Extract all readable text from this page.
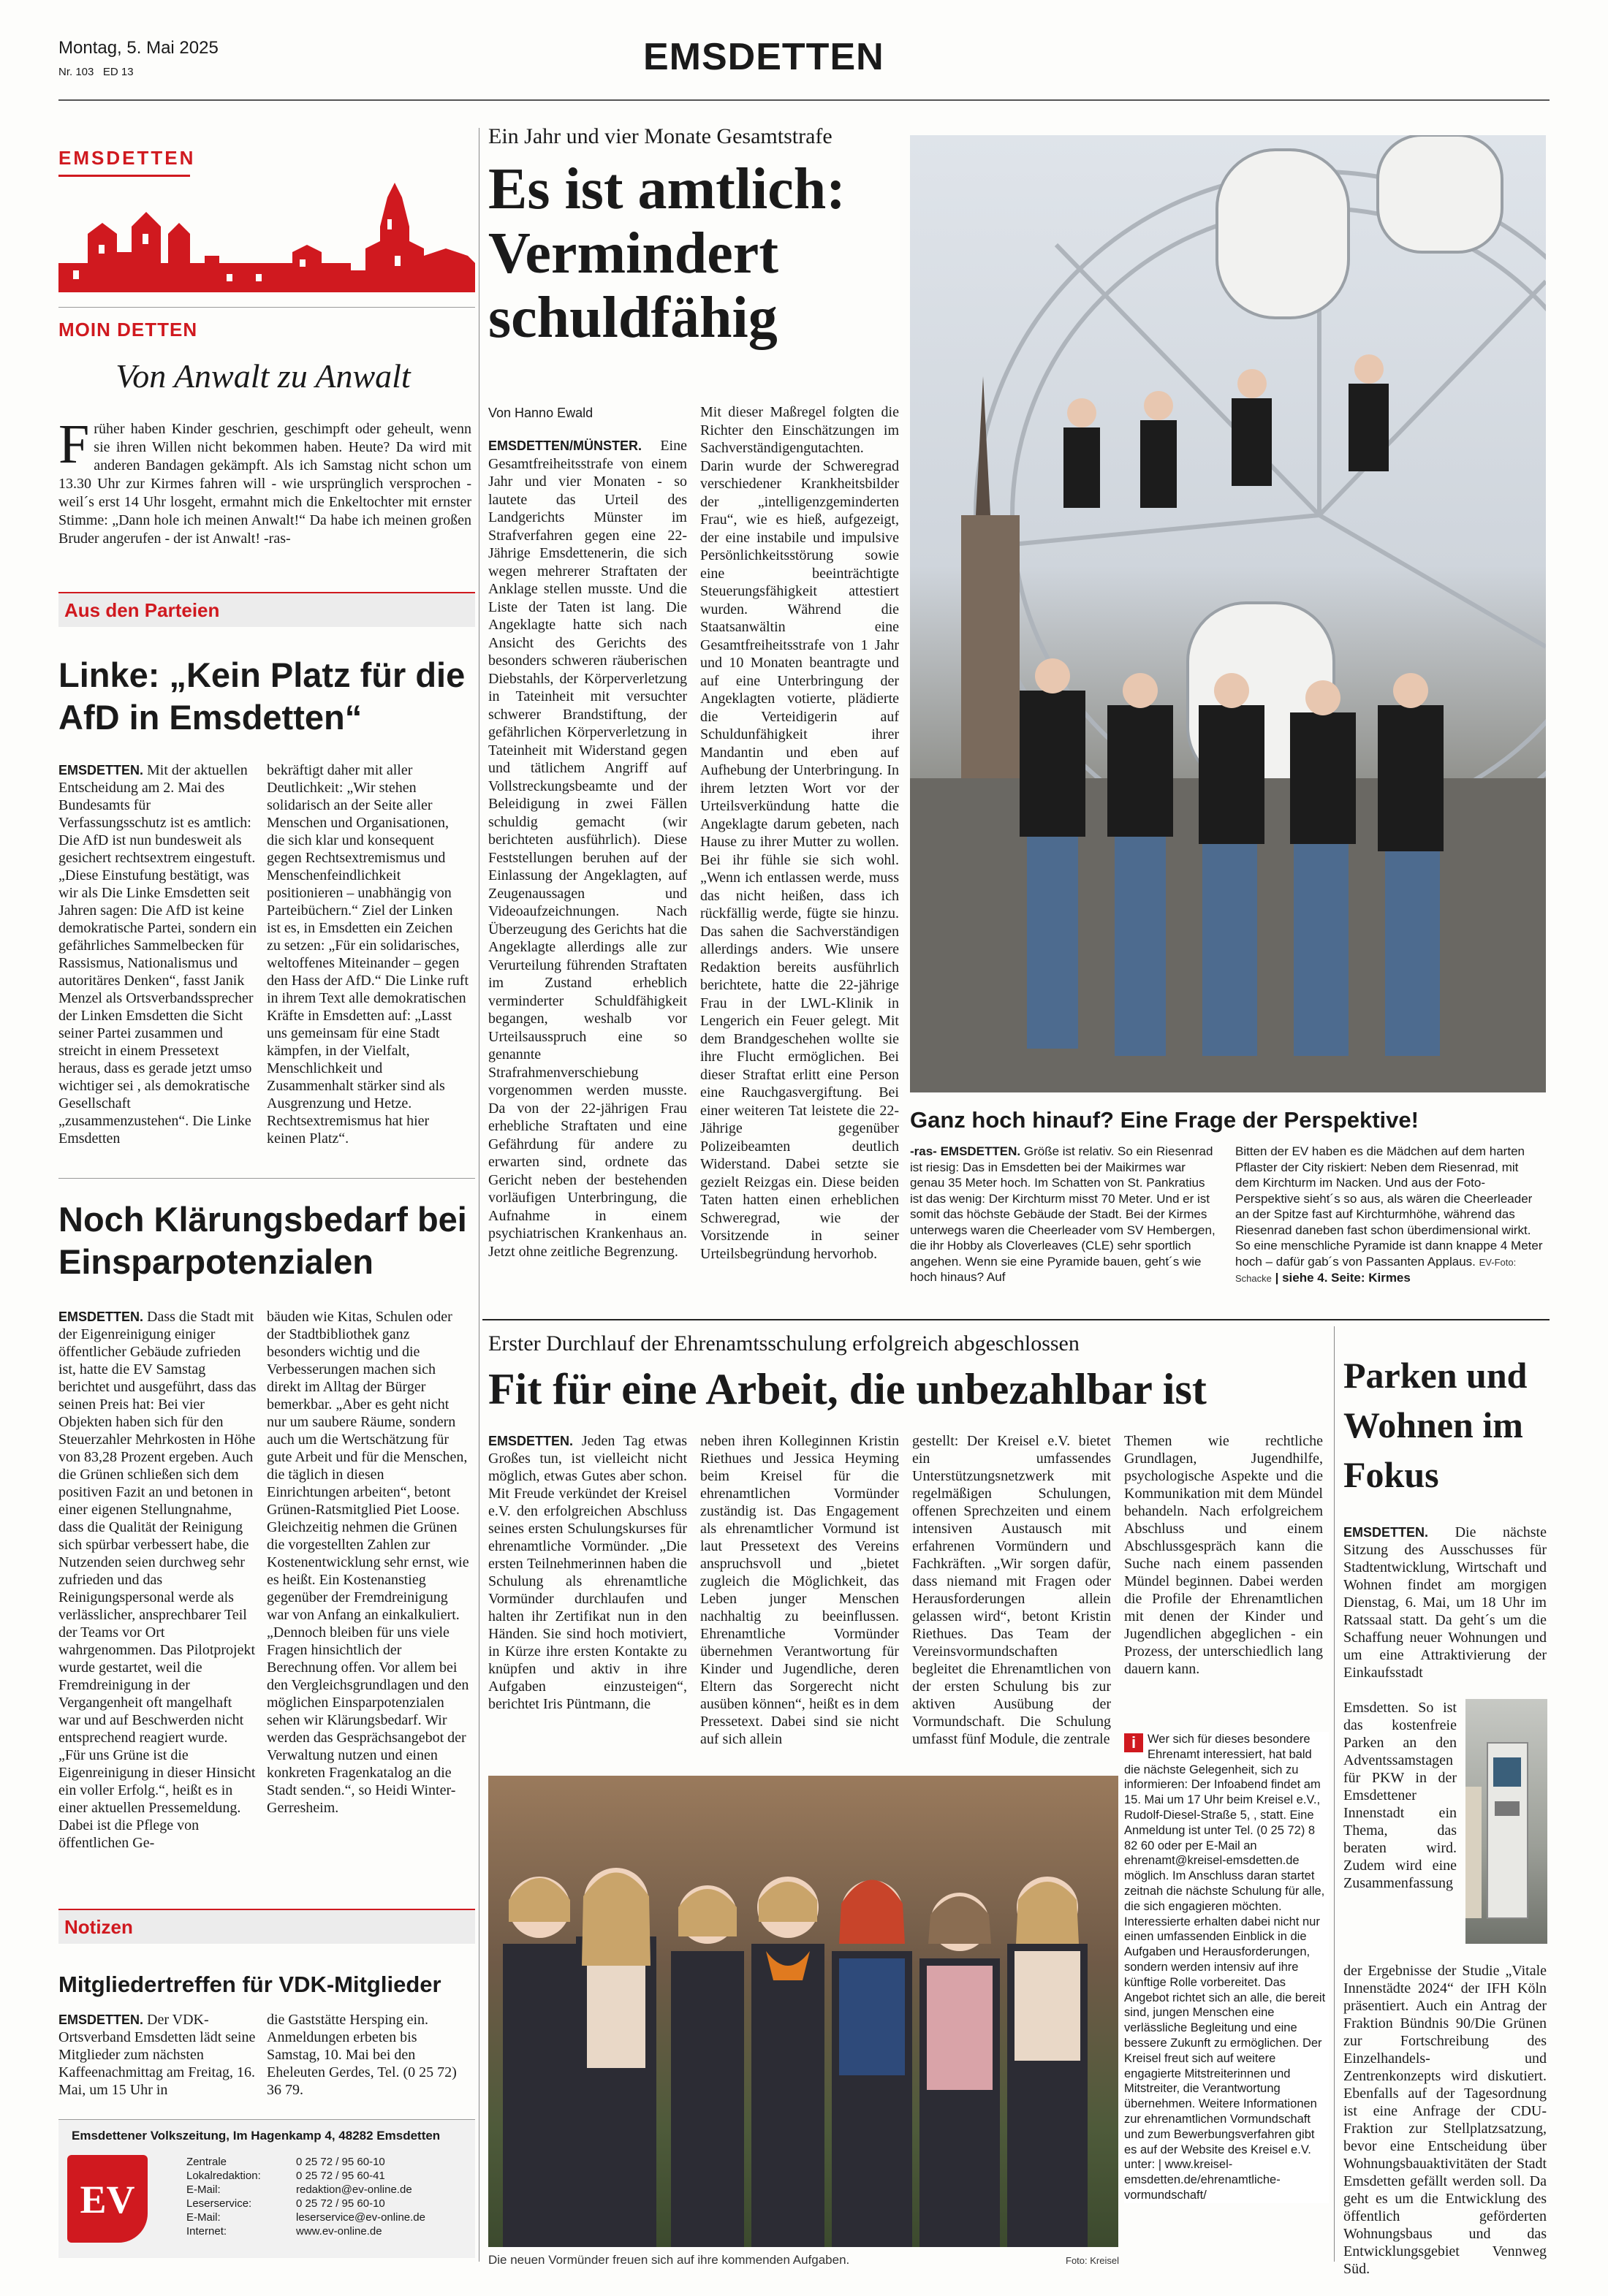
Montag, 5. Mai 2025
Nr. 103 ED 13	EMSDETTEN
EMSDETTEN
MOIN DETTEN
Von Anwalt zu Anwalt
Früher haben Kinder geschrien, geschimpft oder geheult, wenn sie ihren Willen nicht bekommen haben. Heute? Da wird mit anderen Bandagen gekämpft. Als ich Samstag nicht schon um 13.30 Uhr zur Kirmes fahren will - wie ursprünglich versprochen - weil´s erst 14 Uhr losgeht, ermahnt mich die Enkeltochter mit ernster Stimme: „Dann hole ich meinen Anwalt!“ Da habe ich meinen großen Bruder angerufen - der ist Anwalt! -ras-
Aus den Parteien
Linke: „Kein Platz für die AfD in Emsdetten“
EMSDETTEN. Mit der aktuellen Entscheidung am 2. Mai des Bundesamts für Verfassungsschutz ist es amtlich: Die AfD ist nun bundesweit als gesichert rechtsextrem eingestuft. „Diese Einstufung bestätigt, was wir als Die Linke Emsdetten seit Jahren sagen: Die AfD ist keine demokratische Partei, sondern ein gefährliches Sammelbecken für Rassismus, Nationalismus und autoritäres Denken“, fasst Janik Menzel als Ortsverbandssprecher der Linken Emsdetten die Sicht seiner Partei zusammen und streicht in einem Pressetext heraus, dass es gerade jetzt umso wichtiger sei , als demokratische Gesellschaft „zusammenzustehen“. Die Linke Emsdetten
bekräftigt daher mit aller Deutlichkeit: „Wir stehen solidarisch an der Seite aller Menschen und Organisationen, die sich klar und konsequent gegen Rechtsextremismus und Menschenfeindlichkeit positionieren – unabhängig von Parteibüchern.“ Ziel der Linken ist es, in Emsdetten ein Zeichen zu setzen: „Für ein solidarisches, weltoffenes Miteinander – gegen den Hass der AfD.“ Die Linke ruft in ihrem Text alle demokratischen Kräfte in Emsdetten auf: „Lasst uns gemeinsam für eine Stadt kämpfen, in der Vielfalt, Menschlichkeit und Zusammenhalt stärker sind als Ausgrenzung und Hetze. Rechtsextremismus hat hier keinen Platz“.
Noch Klärungsbedarf bei Einsparpotenzialen
EMSDETTEN. Dass die Stadt mit der Eigenreinigung einiger öffentlicher Gebäude zufrieden ist, hatte die EV Samstag berichtet und ausgeführt, dass das seinen Preis hat: Bei vier Objekten haben sich für den Steuerzahler Mehrkosten in Höhe von 83,28 Prozent ergeben. Auch die Grünen schließen sich dem positiven Fazit an und betonen in einer eigenen Stellungnahme, dass die Qualität der Reinigung sich spürbar verbessert habe, die Nutzenden seien durchweg sehr zufrieden und das Reinigungspersonal werde als verlässlicher, ansprechbarer Teil der Teams vor Ort wahrgenommen. Das Pilotprojekt wurde gestartet, weil die Fremdreinigung in der Vergangenheit oft mangelhaft war und auf Beschwerden nicht entsprechend reagiert wurde. „Für uns Grüne ist die Eigenreinigung in dieser Hinsicht ein voller Erfolg.“, heißt es in einer aktuellen Pressemeldung. Dabei ist die Pflege von öffentlichen Ge-
bäuden wie Kitas, Schulen oder der Stadtbibliothek ganz besonders wichtig und die Verbesserungen machen sich direkt im Alltag der Bürger bemerkbar. „Aber es geht nicht nur um saubere Räume, sondern auch um die Wertschätzung für gute Arbeit und für die Menschen, die täglich in diesen Einrichtungen arbeiten“, betont Grünen-Ratsmitglied Piet Loose. Gleichzeitig nehmen die Grünen die vorgestellten Zahlen zur Kostenentwicklung sehr ernst, wie es heißt. Ein Kostenanstieg gegenüber der Fremdreinigung war von Anfang an einkalkuliert. „Dennoch bleiben für uns viele Fragen hinsichtlich der Berechnung offen. Vor allem bei den Vergleichsgrundlagen und den möglichen Einsparpotenzialen sehen wir Klärungsbedarf. Wir werden das Gesprächsangebot der Verwaltung nutzen und einen konkreten Fragenkatalog an die Stadt senden.“, so Heidi Winter-Gerresheim.
Notizen
Mitgliedertreffen für VDK-Mitglieder
EMSDETTEN. Der VDK-Ortsverband Emsdetten lädt seine Mitglieder zum nächsten Kaffeenachmittag am Freitag, 16. Mai, um 15 Uhr in
die Gaststätte Hersping ein. Anmeldungen erbeten bis Samstag, 10. Mai bei den Eheleuten Gerdes, Tel. (0 25 72) 36 79.
Emsdettener Volkszeitung, Im Hagenkamp 4, 48282 Emsdetten
EV
Zentrale	0 25 72 / 95 60-10
Lokalredaktion:	0 25 72 / 95 60-41
E-Mail:	redaktion@ev-online.de
Leserservice:	0 25 72 / 95 60-10
E-Mail:	leserservice@ev-online.de
Internet:	www.ev-online.de
Ein Jahr und vier Monate Gesamtstrafe
Es ist amtlich: Vermindert schuldfähig
Von Hanno Ewald
EMSDETTEN/MÜNSTER. Eine Gesamtfreiheitsstrafe von einem Jahr und vier Monaten - so lautete das Urteil des Landgerichts Münster im Strafverfahren gegen eine 22-Jährige Emsdettenerin, die sich wegen mehrerer Straftaten der Anklage stellen musste. Und die Liste der Taten ist lang. Die Angeklagte hatte sich nach Ansicht des Gerichts des besonders schweren räuberischen Diebstahls, der Körperverletzung in Tateinheit mit versuchter schwerer Brandstiftung, der gefährlichen Körperverletzung in Tateinheit mit Widerstand gegen und tätlichem Angriff auf Vollstreckungsbeamte und der Beleidigung in zwei Fällen schuldig gemacht (wir berichteten ausführlich). Diese Feststellungen beruhen auf der Einlassung der Angeklagten, auf Zeugenaussagen und Videoaufzeichnungen. Nach Überzeugung des Gerichts hat die Angeklagte allerdings alle zur Verurteilung führenden Straftaten im Zustand erheblich verminderter Schuldfähigkeit begangen, weshalb vor Urteilsausspruch eine so genannte Strafrahmenverschiebung vorgenommen werden musste. Da von der 22-jährigen Frau erhebliche Straftaten und eine Gefährdung für andere zu erwarten sind, ordnete das Gericht neben der bestehenden vorläufigen Unterbringung, die Aufnahme in einem psychiatrischen Krankenhaus an. Jetzt ohne zeitliche Begrenzung.
Mit dieser Maßregel folgten die Richter den Einschätzungen im Sachverständigengutachten. Darin wurde der Schweregrad verschiedener Krankheitsbilder der „intelligenzgeminderten Frau“, wie es hieß, aufgezeigt, der eine instabile und impulsive Persönlichkeitsstörung sowie eine beeinträchtigte Steuerungsfähigkeit attestiert wurden. Während die Staatsanwältin eine Gesamtfreiheitsstrafe von 1 Jahr und 10 Monaten beantragte und auf eine Unterbringung der Angeklagten votierte, plädierte die Verteidigerin auf Schuldunfähigkeit ihrer Mandantin und eben auf Aufhebung der Unterbringung. In ihrem letzten Wort vor der Urteilsverkündung hatte die Angeklagte darum gebeten, nach Hause zu ihrer Mutter zu wollen. Bei ihr fühle sie sich wohl. „Wenn ich entlassen werde, muss das nicht heißen, dass ich rückfällig werde, fügte sie hinzu. Das sahen die Sachverständigen allerdings anders. Wie unsere Redaktion bereits ausführlich berichtete, hatte die 22-jährige Frau in der LWL-Klinik in Lengerich ein Feuer gelegt. Mit dem Brandgeschehen wollte sie ihre Flucht ermöglichen. Bei dieser Straftat erlitt eine Person eine Rauchgasvergiftung. Bei einer weiteren Tat leistete die 22-Jährige gegenüber Polizeibeamten deutlich Widerstand. Dabei setzte sie gezielt Reizgas ein. Diese beiden Taten hatten einen erheblichen Schweregrad, wie der Vorsitzende in seiner Urteilsbegründung hervorhob.
Ganz hoch hinauf? Eine Frage der Perspektive!
-ras- EMSDETTEN. Größe ist relativ. So ein Riesenrad ist riesig: Das in Emsdetten bei der Maikirmes war genau 35 Meter hoch. Im Schatten von St. Pankratius ist das wenig: Der Kirchturm misst 70 Meter. Und er ist somit das höchste Gebäude der Stadt. Bei der Kirmes unterwegs waren die Cheerleader vom SV Hembergen, die ihr Hobby als Cloverleaves (CLE) sehr sportlich angehen. Wenn sie eine Pyramide bauen, geht´s wie hoch hinaus? Auf
Bitten der EV haben es die Mädchen auf dem harten Pflaster der City riskiert: Neben dem Riesenrad, mit dem Kirchturm im Nacken. Und aus der Foto-Perspektive sieht´s so aus, als wären die Cheerleader an der Spitze fast auf Kirchturmhöhe, während das Riesenrad daneben fast schon überdimensional wirkt. So eine menschliche Pyramide ist dann knappe 4 Meter hoch – dafür gab´s von Passanten Applaus. EV-Foto: Schacke | siehe 4. Seite: Kirmes
Erster Durchlauf der Ehrenamtsschulung erfolgreich abgeschlossen
Fit für eine Arbeit, die unbezahlbar ist
EMSDETTEN. Jeden Tag etwas Großes tun, ist vielleicht nicht möglich, etwas Gutes aber schon. Mit Freude verkündet der Kreisel e.V. den erfolgreichen Abschluss seines ersten Schulungskurses für ehrenamtliche Vormünder. „Die ersten Teilnehmerinnen haben die Schulung als ehrenamtliche Vormünder durchlaufen und halten ihr Zertifikat nun in den Händen. Sie sind hoch motiviert, in Kürze ihre ersten Kontakte zu knüpfen und aktiv in ihre Aufgaben einzusteigen“, berichtet Iris Püntmann, die
neben ihren Kolleginnen Kristin Riethues und Jessica Heyming beim Kreisel für die ehrenamtlichen Vormünder zuständig ist. Das Engagement als ehrenamtlicher Vormund ist laut Pressetext des Vereins anspruchsvoll und „bietet zugleich die Möglichkeit, das Leben junger Menschen nachhaltig zu beeinflussen. Ehrenamtliche Vormünder übernehmen Verantwortung für Kinder und Jugendliche, deren Eltern das Sorgerecht nicht ausüben können“, heißt es in dem Pressetext. Dabei sind sie nicht auf sich allein
gestellt: Der Kreisel e.V. bietet ein umfassendes Unterstützungsnetzwerk mit regelmäßigen Schulungen, offenen Sprechzeiten und einem intensiven Austausch mit erfahrenen Vormündern und Fachkräften. „Wir sorgen dafür, dass niemand mit Fragen oder Herausforderungen allein gelassen wird“, betont Kristin Riethues. Das Team der Vereinsvormundschaften begleitet die Ehrenamtlichen von der ersten Schulung bis zur aktiven Ausübung der Vormundschaft. Die Schulung umfasst fünf Module, die zentrale
Themen wie rechtliche Grundlagen, Jugendhilfe, psychologische Aspekte und die Kommunikation mit dem Mündel behandeln. Nach erfolgreichem Abschluss und einem Abschlussgespräch kann die Suche nach einem passenden Mündel beginnen. Dabei werden die Profile der Ehrenamtlichen mit denen der Kinder und Jugendlichen abgeglichen - ein Prozess, der unterschiedlich lang dauern kann.
Die neuen Vormünder freuen sich auf ihre kommenden Aufgaben.	Foto: Kreisel
i Wer sich für dieses besondere Ehrenamt interessiert, hat bald die nächste Gelegenheit, sich zu informieren: Der Infoabend findet am 15. Mai um 17 Uhr beim Kreisel e.V., Rudolf-Diesel-Straße 5, , statt. Eine Anmeldung ist unter Tel. (0 25 72) 8 82 60 oder per E-Mail an ehrenamt@kreisel-emsdetten.de möglich. Im Anschluss daran startet zeitnah die nächste Schulung für alle, die sich engagieren möchten. Interessierte erhalten dabei nicht nur einen umfassenden Einblick in die Aufgaben und Herausforderungen, sondern werden intensiv auf ihre künftige Rolle vorbereitet. Das Angebot richtet sich an alle, die bereit sind, jungen Menschen eine verlässliche Begleitung und eine bessere Zukunft zu ermöglichen. Der Kreisel freut sich auf weitere engagierte Mitstreiterinnen und Mitstreiter, die Verantwortung übernehmen. Weitere Informationen zur ehrenamtlichen Vormundschaft und zum Bewerbungsverfahren gibt es auf der Website des Kreisel e.V. unter: | www.kreisel-emsdetten.de/ehrenamtliche-vormundschaft/
Parken und Wohnen im Fokus
EMSDETTEN. Die nächste Sitzung des Ausschusses für Stadtentwicklung, Wirtschaft und Wohnen findet am morgigen Dienstag, 6. Mai, um 18 Uhr im Ratssaal statt. Da geht´s um die Schaffung neuer Wohnungen und um eine Attraktivierung der Einkaufsstadt
Emsdetten. So ist das kostenfreie Parken an den Adventssamstagen für PKW in der Emsdettener Innenstadt ein Thema, das beraten wird. Zudem wird eine Zusammenfassung
der Ergebnisse der Studie „Vitale Innenstädte 2024“ der IFH Köln präsentiert. Auch ein Antrag der Fraktion Bündnis 90/Die Grünen zur Fortschreibung des Einzelhandels- und Zentrenkonzepts wird diskutiert. Ebenfalls auf der Tagesordnung ist eine Anfrage der CDU-Fraktion zur Stellplatzsatzung, bevor eine Entscheidung über Wohnungsbauaktivitäten der Stadt Emsdetten gefällt werden soll. Da geht es um die Entwicklung des öffentlich geförderten Wohnungsbaus und das Entwicklungsgebiet Vennweg Süd.
